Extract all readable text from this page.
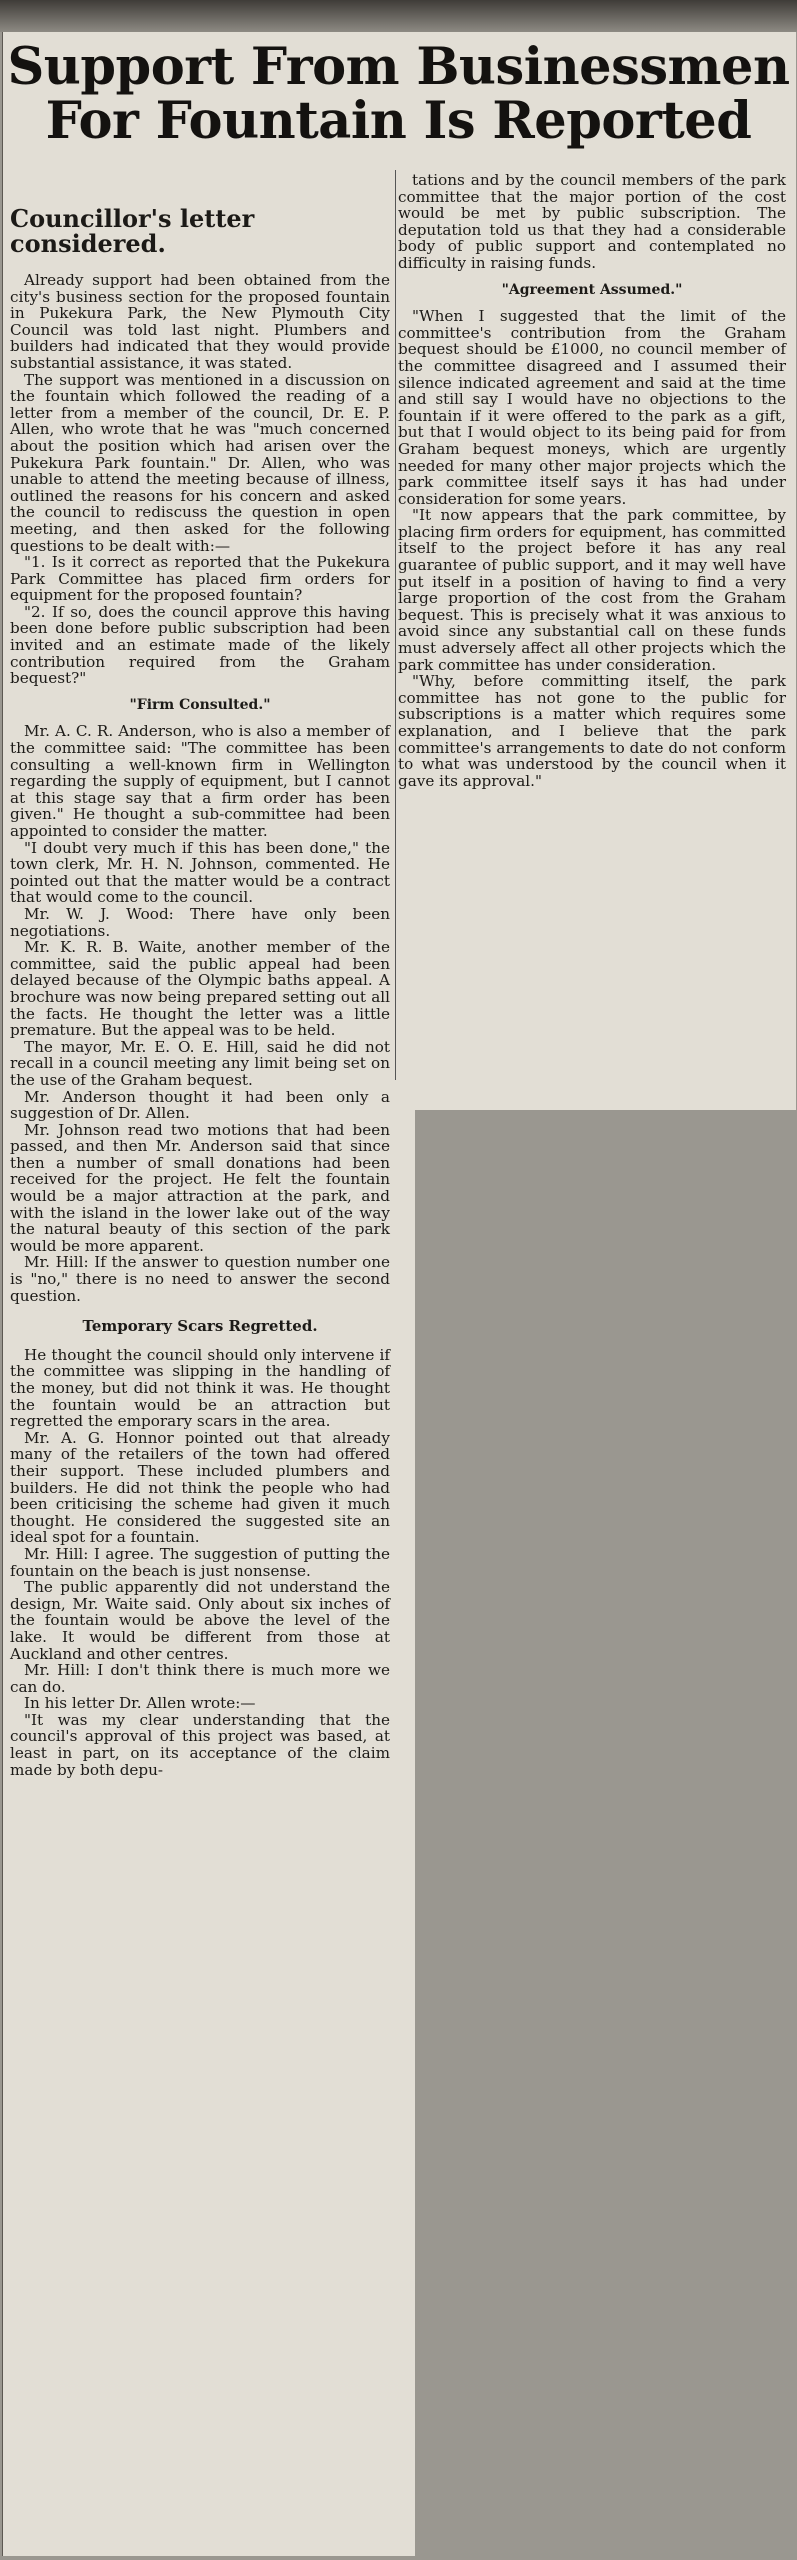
Support From Businessmen For Fountain Is Reported
Councillor's letter considered.

Already support had been obtained from the city's business section for the proposed fountain in Pukekura Park, the New Plymouth City Council was told last night. Plumbers and builders had indicated that they would provide substantial assistance, it was stated.

The support was mentioned in a discussion on the fountain which followed the reading of a letter from a member of the council, Dr. E. P. Allen, who wrote that he was "much concerned about the position which had arisen over the Pukekura Park fountain." Dr. Allen, who was unable to attend the meeting because of illness, outlined the reasons for his concern and asked the council to rediscuss the question in open meeting, and then asked for the following questions to be dealt with:—

"1. Is it correct as reported that the Pukekura Park Committee has placed firm orders for equipment for the proposed fountain?

"2. If so, does the council approve this having been done before public subscription had been invited and an estimate made of the likely contribution required from the Graham bequest?"

"Firm Consulted."

Mr. A. C. R. Anderson, who is also a member of the committee said: "The committee has been consulting a well-known firm in Wellington regarding the supply of equipment, but I cannot at this stage say that a firm order has been given." He thought a sub-committee had been appointed to consider the matter.

"I doubt very much if this has been done," the town clerk, Mr. H. N. Johnson, commented. He pointed out that the matter would be a contract that would come to the council.

Mr. W. J. Wood: There have only been negotiations.

Mr. K. R. B. Waite, another member of the committee, said the public appeal had been delayed because of the Olympic baths appeal. A brochure was now being prepared setting out all the facts. He thought the letter was a little premature. But the appeal was to be held.

The mayor, Mr. E. O. E. Hill, said he did not recall in a council meeting any limit being set on the use of the Graham bequest.

Mr. Anderson thought it had been only a suggestion of Dr. Allen.

Mr. Johnson read two motions that had been passed, and then Mr. Anderson said that since then a number of small donations had been received for the project. He felt the fountain would be a major attraction at the park, and with the island in the lower lake out of the way the natural beauty of this section of the park would be more apparent.

Mr. Hill: If the answer to question number one is "no," there is no need to answer the second question.

Temporary Scars Regretted.

He thought the council should only intervene if the committee was slipping in the handling of the money, but did not think it was. He thought the fountain would be an attraction but regretted the emporary scars in the area.

Mr. A. G. Honnor pointed out that already many of the retailers of the town had offered their support. These included plumbers and builders. He did not think the people who had been criticising the scheme had given it much thought. He considered the suggested site an ideal spot for a fountain.

Mr. Hill: I agree. The suggestion of putting the fountain on the beach is just nonsense.

The public apparently did not understand the design, Mr. Waite said. Only about six inches of the fountain would be above the level of the lake. It would be different from those at Auckland and other centres.

Mr. Hill: I don't think there is much more we can do.

In his letter Dr. Allen wrote:—

"It was my clear understanding that the council's approval of this project was based, at least in part, on its acceptance of the claim made by both depu-

tations and by the council members of the park committee that the major portion of the cost would be met by public subscription. The deputation told us that they had a considerable body of public support and contemplated no difficulty in raising funds.

"Agreement Assumed."

"When I suggested that the limit of the committee's contribution from the Graham bequest should be £1000, no council member of the committee disagreed and I assumed their silence indicated agreement and said at the time and still say I would have no objections to the fountain if it were offered to the park as a gift, but that I would object to its being paid for from Graham bequest moneys, which are urgently needed for many other major projects which the park committee itself says it has had under consideration for some years.

"It now appears that the park committee, by placing firm orders for equipment, has committed itself to the project before it has any real guarantee of public support, and it may well have put itself in a position of having to find a very large proportion of the cost from the Graham bequest. This is precisely what it was anxious to avoid since any substantial call on these funds must adversely affect all other projects which the park committee has under consideration.

"Why, before committing itself, the park committee has not gone to the public for subscriptions is a matter which requires some explanation, and I believe that the park committee's arrangements to date do not conform to what was understood by the council when it gave its approval."
